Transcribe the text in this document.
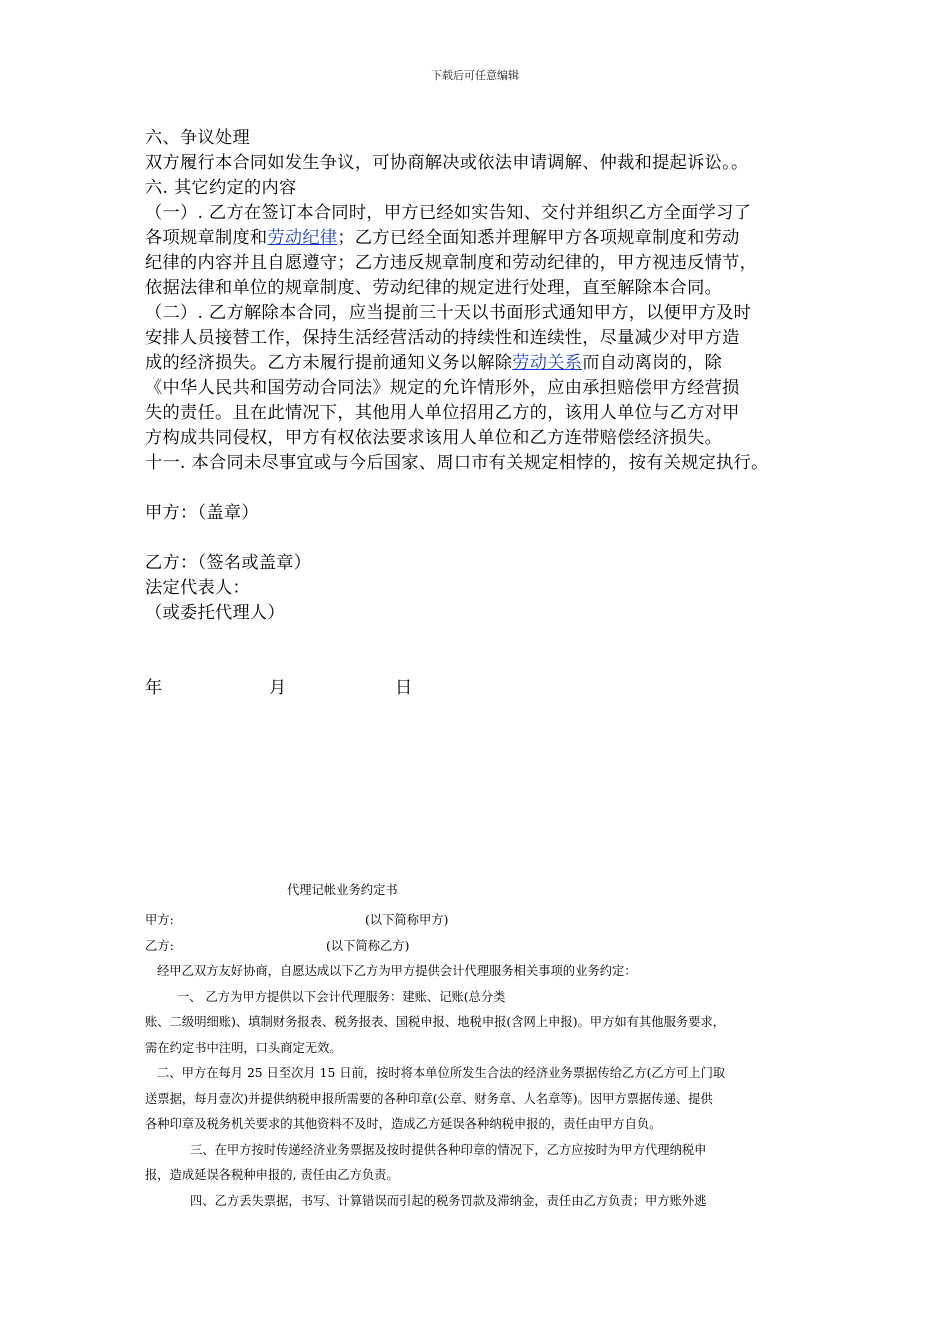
下载后可任意编辑
六、争议处理
双方履行本合同如发生争议，可协商解决或依法申请调解、仲裁和提起诉讼。。
六. 其它约定的内容
（一）. 乙方在签订本合同时，甲方已经如实告知、交付并组织乙方全面学习了
各项规章制度和劳动纪律；乙方已经全面知悉并理解甲方各项规章制度和劳动
纪律的内容并且自愿遵守；乙方违反规章制度和劳动纪律的，甲方视违反情节，
依据法律和单位的规章制度、劳动纪律的规定进行处理，直至解除本合同。
（二）. 乙方解除本合同，应当提前三十天以书面形式通知甲方，以便甲方及时
安排人员接替工作，保持生活经营活动的持续性和连续性，尽量减少对甲方造
成的经济损失。乙方未履行提前通知义务以解除劳动关系而自动离岗的，除
《中华人民共和国劳动合同法》规定的允许情形外，应由承担赔偿甲方经营损
失的责任。且在此情况下，其他用人单位招用乙方的，该用人单位与乙方对甲
方构成共同侵权，甲方有权依法要求该用人单位和乙方连带赔偿经济损失。
十一. 本合同未尽事宜或与今后国家、周口市有关规定相悖的，按有关规定执行。
甲方：（盖章）
乙方：（签名或盖章）
法定代表人：
（或委托代理人）
年	月	日
代理记帐业务约定书
甲方:	(以下简称甲方)
乙方:	(以下简称乙方)
经甲乙双方友好协商，自愿达成以下乙方为甲方提供会计代理服务相关事项的业务约定：
一、 乙方为甲方提供以下会计代理服务：建账、记账(总分类
账、二级明细账)、填制财务报表、税务报表、国税申报、地税申报(含网上申报)。甲方如有其他服务要求，
需在约定书中注明，口头商定无效。
二、甲方在每月 25 日至次月 15 日前，按时将本单位所发生合法的经济业务票据传给乙方(乙方可上门取
送票据，每月壹次)并提供纳税申报所需要的各种印章(公章、财务章、人名章等)。因甲方票据传递、提供
各种印章及税务机关要求的其他资料不及时，造成乙方延误各种纳税申报的，责任由甲方自负。
三、在甲方按时传递经济业务票据及按时提供各种印章的情况下，乙方应按时为甲方代理纳税申
报，造成延误各税种申报的, 责任由乙方负责。
四、乙方丢失票据，书写、计算错误而引起的税务罚款及滞纳金，责任由乙方负责；甲方账外逃
